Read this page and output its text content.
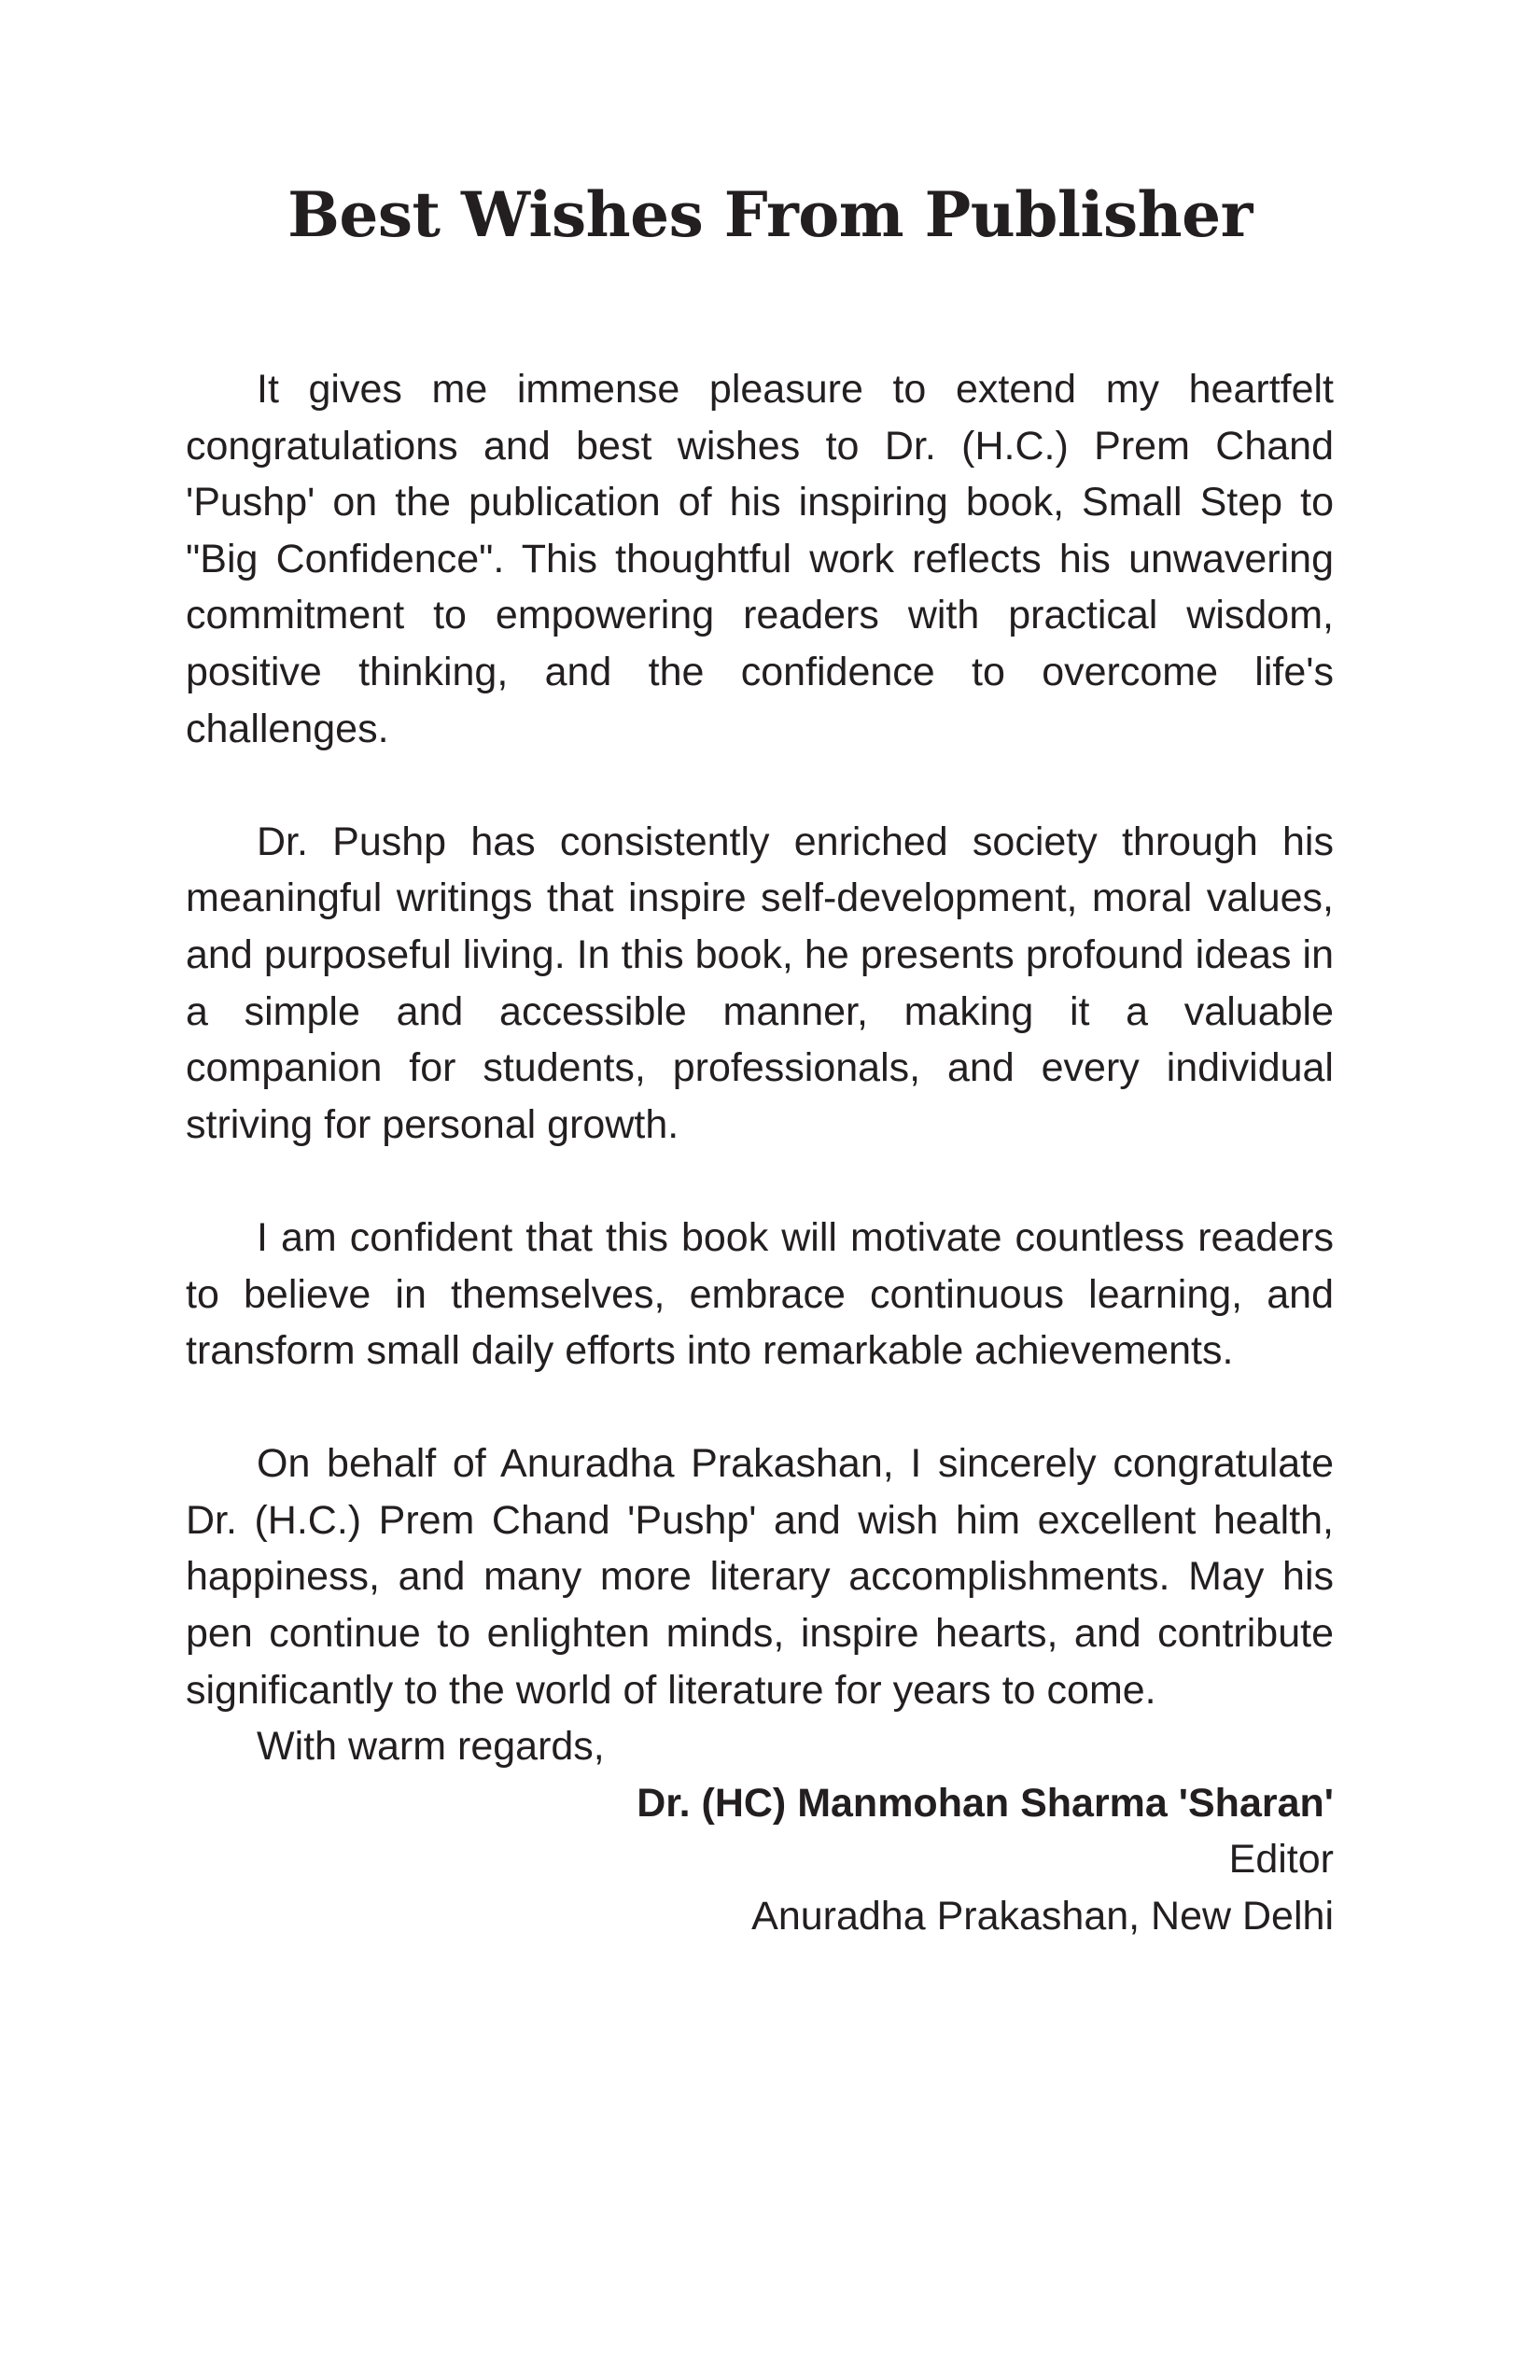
Best Wishes From Publisher

It gives me immense pleasure to extend my heartfelt congratulations and best wishes to Dr. (H.C.) Prem Chand 'Pushp' on the publication of his inspiring book, Small Step to "Big Confidence". This thoughtful work reflects his unwavering commitment to empowering readers with practical wisdom, positive thinking, and the confidence to overcome life's challenges.

Dr. Pushp has consistently enriched society through his meaningful writings that inspire self-development, moral values, and purposeful living. In this book, he presents profound ideas in a simple and accessible manner, making it a valuable companion for students, professionals, and every individual striving for personal growth.

I am confident that this book will motivate countless readers to believe in themselves, embrace continuous learning, and transform small daily efforts into remarkable achievements.

On behalf of Anuradha Prakashan, I sincerely congratulate Dr. (H.C.) Prem Chand 'Pushp' and wish him excellent health, happiness, and many more literary accomplishments. May his pen continue to enlighten minds, inspire hearts, and contribute significantly to the world of literature for years to come.

With warm regards,

Dr. (HC) Manmohan Sharma 'Sharan'

Editor

Anuradha Prakashan, New Delhi
